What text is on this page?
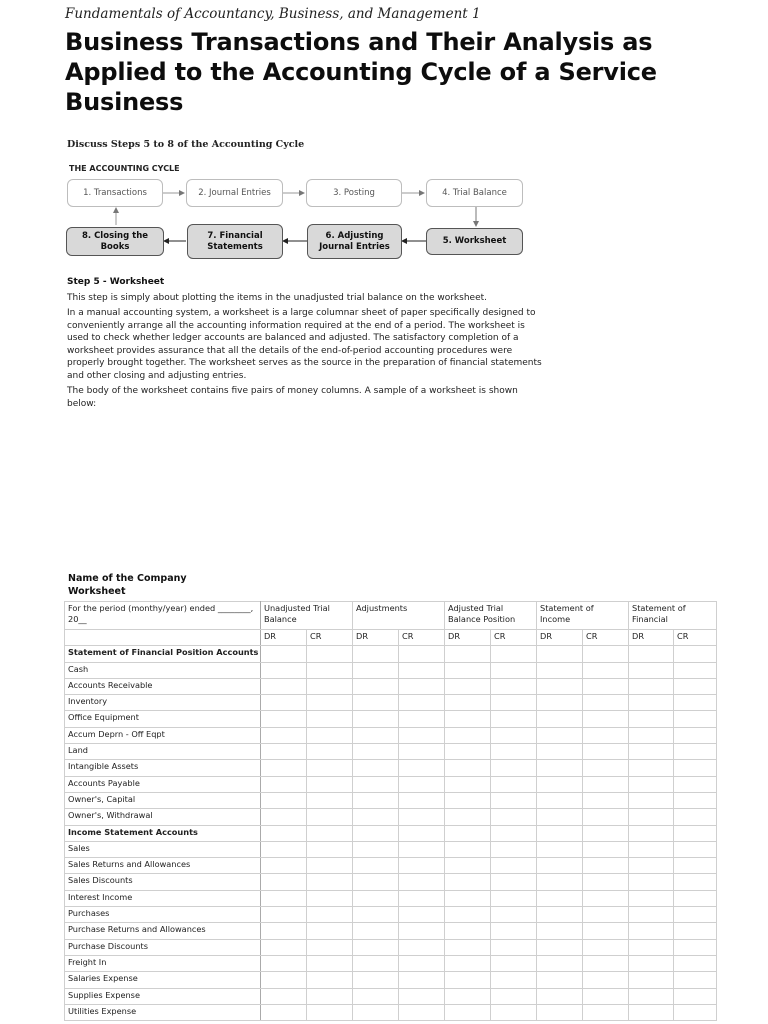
Fundamentals of Accountancy, Business, and Management 1
Business Transactions and Their Analysis as Applied to the Accounting Cycle of a Service Business
Discuss Steps 5 to 8 of the Accounting Cycle
THE ACCOUNTING CYCLE
1. Transactions	2. Journal Entries	3. Posting	4. Trial Balance
5. Worksheet
6. Adjusting Journal Entries
7. Financial Statements
8. Closing the Books
Step 5 - Worksheet

This step is simply about plotting the items in the unadjusted trial balance on the worksheet.

In a manual accounting system, a worksheet is a large columnar sheet of paper specifically designed to conveniently arrange all the accounting information required at the end of a period. The worksheet is used to check whether ledger accounts are balanced and adjusted. The satisfactory completion of a worksheet provides assurance that all the details of the end-of-period accounting procedures were properly brought together. The worksheet serves as the source in the preparation of financial statements and other closing and adjusting entries.

The body of the worksheet contains five pairs of money columns. A sample of a worksheet is shown below:

Name of the Company
Worksheet
For the period (monthy/year) ended ________, 20__	Unadjusted Trial Balance		Adjustments		Adjusted Trial Balance Position		Statement of Income		Statement of Financial	
	DR	CR	DR	CR	DR	CR	DR	CR	DR	CR
Statement of Financial Position Accounts										
Cash										
Accounts Receivable										
Inventory										
Office Equipment										
Accum Deprn - Off Eqpt										
Land										
Intangible Assets										
Accounts Payable										
Owner's, Capital										
Owner's, Withdrawal										
Income Statement Accounts										
Sales										
Sales Returns and Allowances										
Sales Discounts										
Interest Income										
Purchases										
Purchase Returns and Allowances										
Purchase Discounts										
Freight In										
Salaries Expense										
Supplies Expense										
Utilities Expense										
